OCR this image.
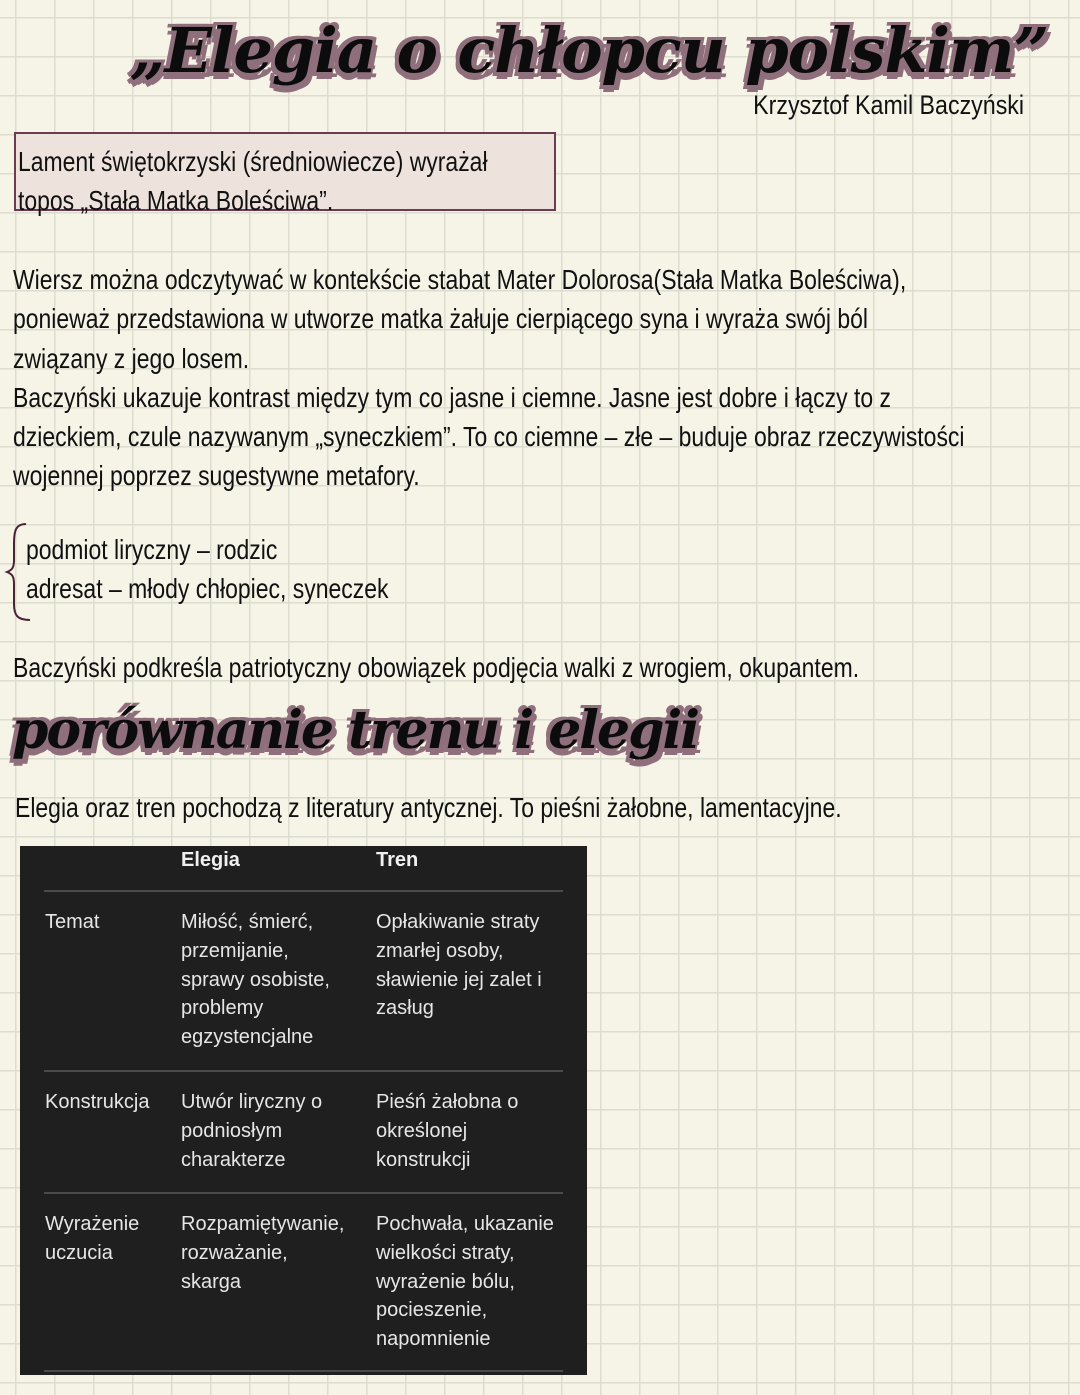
„Elegia o chłopcu polskim”
Krzysztof Kamil Baczyński
Lament świętokrzyski (średniowiecze) wyrażał
topos „Stała Matka Boleściwa”.
Wiersz można odczytywać w kontekście stabat Mater Dolorosa(Stała Matka Boleściwa),
ponieważ przedstawiona w utworze matka żałuje cierpiącego syna i wyraża swój ból
związany z jego losem.
Baczyński ukazuje kontrast między tym co jasne i ciemne. Jasne jest dobre i łączy to z
dzieckiem, czule nazywanym „syneczkiem”. To co ciemne – złe – buduje obraz rzeczywistości
wojennej poprzez sugestywne metafory.
podmiot liryczny – rodzic
adresat – młody chłopiec, syneczek
Baczyński podkreśla patriotyczny obowiązek podjęcia walki z wrogiem, okupantem.
porównanie trenu i elegii
Elegia oraz tren pochodzą z literatury antycznej. To pieśni żałobne, lamentacyjne.
Elegia	Tren
Temat	Miłość, śmierć,
przemijanie,
sprawy osobiste,
problemy
egzystencjalne
Opłakiwanie straty
zmarłej osoby,
sławienie jej zalet i
zasług
Konstrukcja Utwór liryczny o
podniosłym
charakterze
Pieśń żałobna o
określonej
konstrukcji
Wyrażenie
uczucia
Rozpamiętywanie,
rozważanie,
skarga
Pochwała, ukazanie
wielkości straty,
wyrażenie bólu,
pocieszenie,
napomnienie
